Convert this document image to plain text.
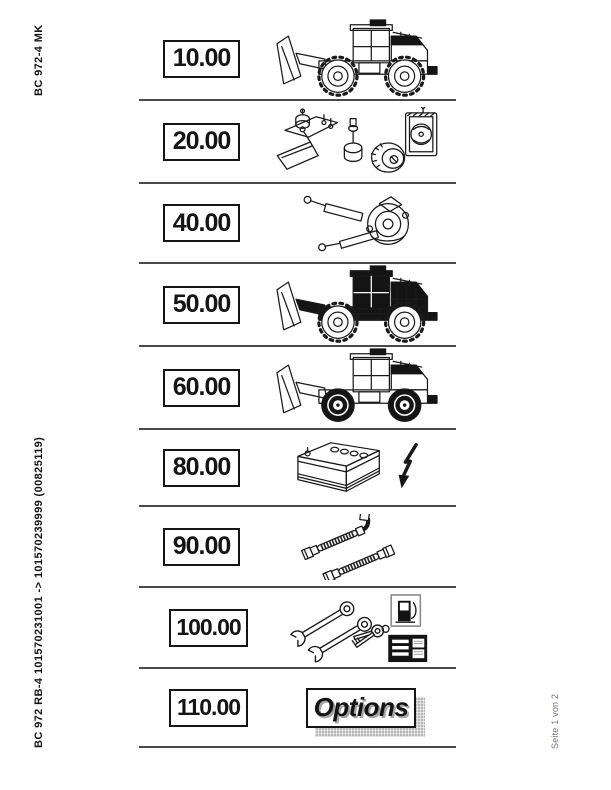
BC 972-4 MK
BC 972 RB-4 101570231001 -> 101570239999 (00825119)	Seite 1 von 2
10.00
20.00
40.00
50.00
60.00
80.00
90.00
100.00
110.00	Options
